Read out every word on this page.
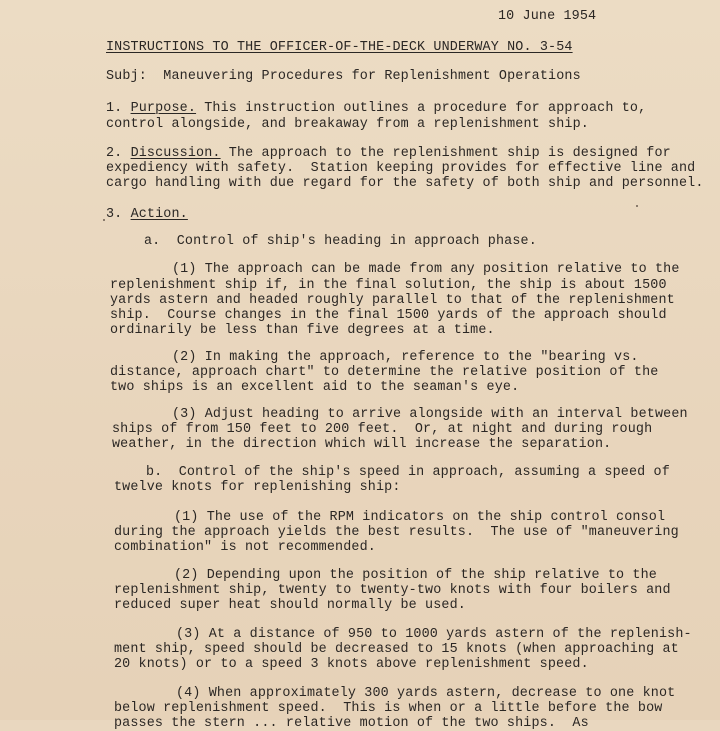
10 June 1954
INSTRUCTIONS TO THE OFFICER-OF-THE-DECK UNDERWAY NO. 3-54
Subj:  Maneuvering Procedures for Replenishment Operations
1. Purpose. This instruction outlines a procedure for approach to,
control alongside, and breakaway from a replenishment ship.
2. Discussion. The approach to the replenishment ship is designed for
expediency with safety.  Station keeping provides for effective line and
cargo handling with due regard for the safety of both ship and personnel.
3. Action.
a.  Control of ship's heading in approach phase.
(1) The approach can be made from any position relative to the
replenishment ship if, in the final solution, the ship is about 1500
yards astern and headed roughly parallel to that of the replenishment
ship.  Course changes in the final 1500 yards of the approach should
ordinarily be less than five degrees at a time.
(2) In making the approach, reference to the "bearing vs.
distance, approach chart" to determine the relative position of the
two ships is an excellent aid to the seaman's eye.
(3) Adjust heading to arrive alongside with an interval between
ships of from 150 feet to 200 feet.  Or, at night and during rough
weather, in the direction which will increase the separation.
b.  Control of the ship's speed in approach, assuming a speed of
twelve knots for replenishing ship:
(1) The use of the RPM indicators on the ship control consol
during the approach yields the best results.  The use of "maneuvering
combination" is not recommended.
(2) Depending upon the position of the ship relative to the
replenishment ship, twenty to twenty-two knots with four boilers and
reduced super heat should normally be used.
(3) At a distance of 950 to 1000 yards astern of the replenish-
ment ship, speed should be decreased to 15 knots (when approaching at
20 knots) or to a speed 3 knots above replenishment speed.
(4) When approximately 300 yards astern, decrease to one knot
below replenishment speed.  This is when or a little before the bow
passes the stern ... relative motion of the two ships.  As
